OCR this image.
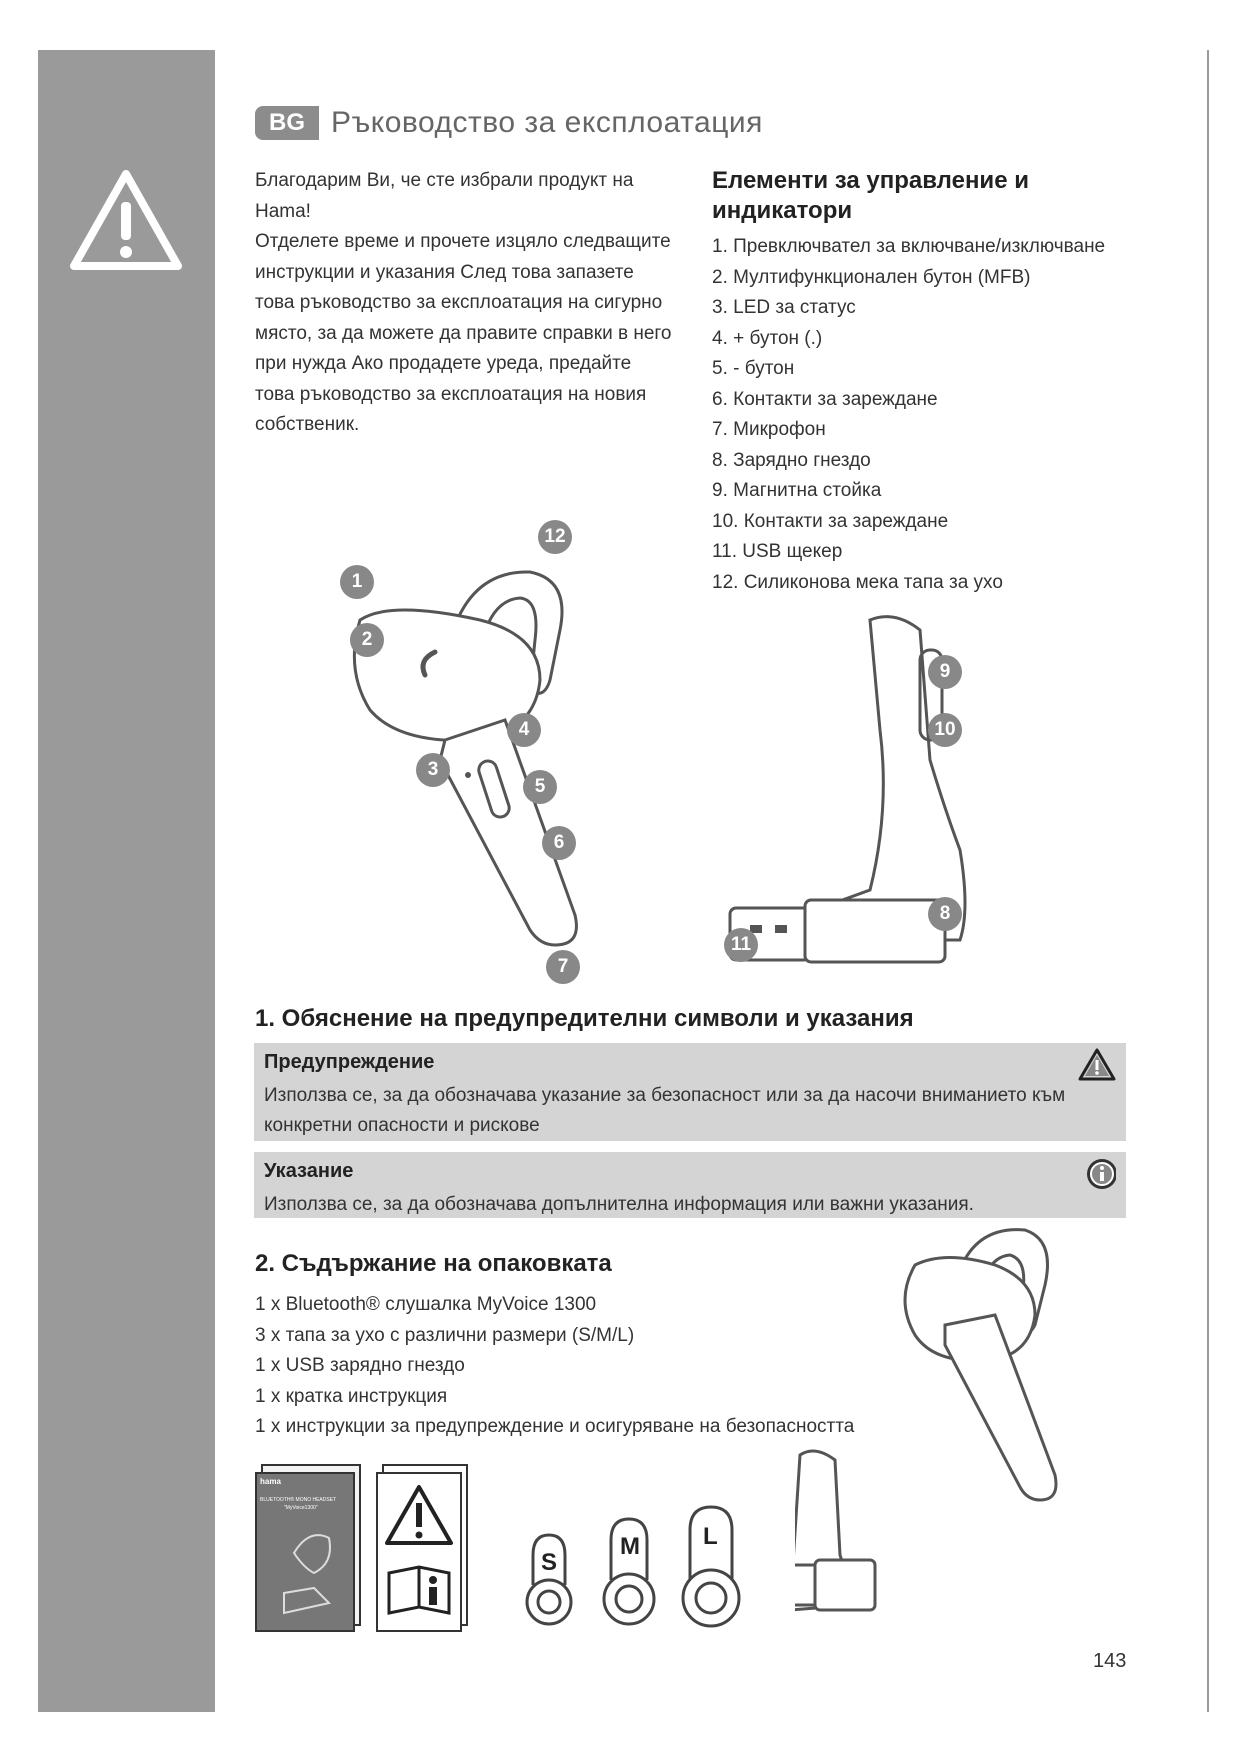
BG Ръководство за експлоатация

Благодарим Ви, че сте избрали продукт на

Hama!

Отделете време и прочете изцяло следващите

инструкции и указания След това запазете

това ръководство за експлоатация на сигурно

място, за да можете да правите справки в него

при нужда Ако продадете уреда, предайте

това ръководство за експлоатация на новия

собственик.

Елементи за управление и индикатори
1. Превключвател за включване/изключване
2. Мултифункционален бутон (MFB)
3. LED за статус
4. + бутон (.)
5. - бутон
6. Контакти за зареждане
7. Микрофон
8. Зарядно гнездо
9. Магнитна стойка
10. Контакти за зареждане
11. USB щекер
12. Силиконова мека тапа за ухо
1
2
3
4
5
6
7
12
9
10
8
11
1. Обяснение на предупредителни символи и указания
Предупреждение
Използва се, за да обозначава указание за безопасност или за да насочи вниманието към конкретни опасности и рискове
Указание
Използва се, за да обозначава допълнителна информация или важни указания.
2. Съдържание на опаковката
1 x Bluetooth® слушалка MyVoice 1300
3 x тапа за ухо с различни размери (S/M/L)
1 x USB зарядно гнездо
1 x кратка инструкция
1 x инструкции за предупреждение и осигуряване на безопасността
hama
BLUETOOTH® MONO HEADSET
"MyVoice1300"
S
M	L
143
